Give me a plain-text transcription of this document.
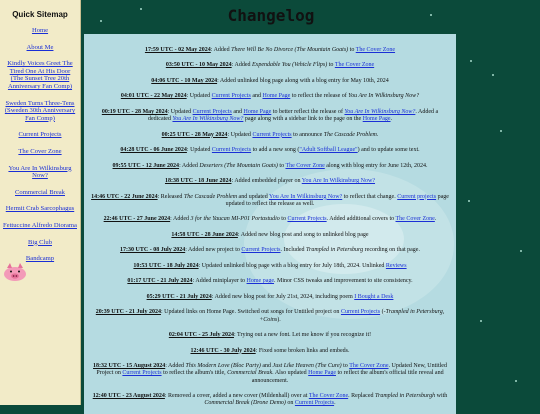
Quick Sitemap
Home
About Me
Kindly Voices Greet The Tired One At His Door (The Sunset Tree 20th Anniversary Fan Comp)
Sweden Turns Three-Tens (Sweden 30th Anniversary Fan Comp)
Current Projects
The Cover Zone
You Are In Wilkinsburg Now?
Commercial Break
Hermit Crab Sarcophagus
Fettuccine Alfredo Diorama
Big Club
Bandcamp
Changelog

17:59 UTC - 02 May 2024: Added There Will Be No Divorce (The Mountain Goats) to The Cover Zone

03:50 UTC - 10 May 2024: Added Expendable You (Vehicle Flips) to The Cover Zone

04:06 UTC - 10 May 2024: Added unlinked blog page along with a blog entry for May 10th, 2024

04:01 UTC - 22 May 2024: Updated Current Projects and Home Page to reflect the release of You Are In Wilkinsburg Now?

00:19 UTC - 28 May 2024: Updated Current Projects and Home Page to better reflect the release of You Are In Wilkinsburg Now?. Added a dedicated You Are In Wilkinsburg Now? page along with a sidebar link to the page on the Home Page.

00:25 UTC - 28 May 2024: Updated Current Projects to announce The Cascade Problem.

04:28 UTC - 06 June 2024: Updated Current Projects to add a new song ("Adult Softball League") and to update some text.

09:55 UTC - 12 June 2024: Added Deserters (The Mountain Goats) to The Cover Zone along with blog entry for June 12th, 2024.

18:38 UTC - 18 June 2024: Added embedded player on You Are In Wilkinsburg Now?

14:46 UTC - 22 June 2024: Released The Cascade Problem and updated You Are In Wilkinsburg Now? to reflect that change. Current projects page updated to reflect the release as well.

22:46 UTC - 27 June 2024: Added 3 for the Yaucan MI-P01 Portastudio to Current Projects. Added additional covers to The Cover Zone.

14:58 UTC - 28 June 2024: Added new blog post and song to unlinked blog page

17:30 UTC - 08 July 2024: Added new project to Current Projects. Included Trampled in Petersburg recording on that page.

10:53 UTC - 18 July 2024: Updated unlinked blog page with a blog entry for July 18th, 2024. Unlinked Reviews

01:17 UTC - 21 July 2024: Added miniplayer to Home page. Minor CSS tweaks and improvement to site consistency.

05:29 UTC - 21 July 2024: Added new blog post for July 21st, 2024, including poem I Bought a Desk

20:39 UTC - 21 July 2024: Updated links on Home Page. Switched out songs for Untitled project on Current Projects (-Trampled in Petersburg, +Coins).

02:04 UTC - 25 July 2024: Trying out a new font. Let me know if you recognize it!

12:46 UTC - 30 July 2024: Fixed some broken links and embeds.

18:32 UTC - 15 August 2024: Added This Modern Love (Bloc Party) and Just Like Heaven (The Cure) to The Cover Zone. Updated New, Untitled Project on Current Projects to reflect the album's title, Commercial Break. Also updated Home Page to reflect the album's official title reveal and announcement.

12:40 UTC - 23 August 2024: Removed a cover, added a new cover (Mildenhall) over at The Cover Zone. Replaced Trampled in Petersburgh with Commercial Break (Drone Demo) on Current Projects.
